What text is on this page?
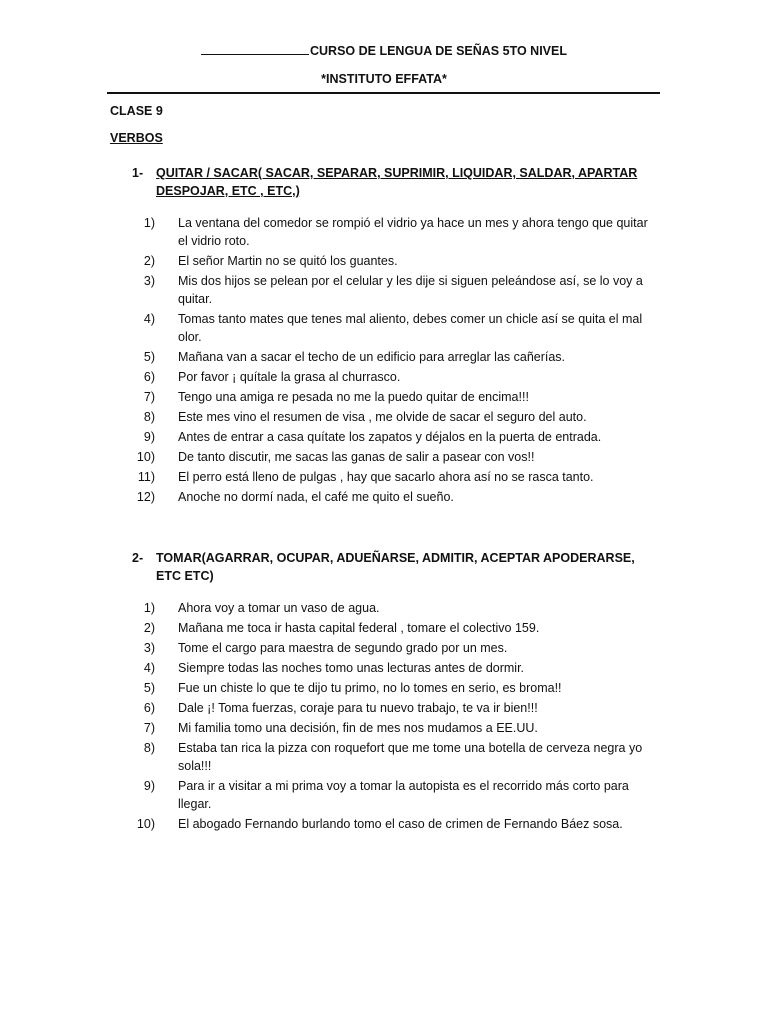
CURSO DE LENGUA DE SEÑAS 5TO NIVEL
*INSTITUTO EFFATA*
CLASE 9
VERBOS
1-	QUITAR / SACAR( SACAR, SEPARAR, SUPRIMIR, LIQUIDAR, SALDAR, APARTAR DESPOJAR, ETC , ETC,)
1)	La ventana del comedor se rompió el vidrio ya hace un mes y ahora tengo que quitar el vidrio roto.
2)	El señor Martin no se quitó los guantes.
3)	Mis dos hijos se pelean por el celular y les dije si siguen peleándose así, se lo voy a quitar.
4)	Tomas tanto mates que tenes mal aliento, debes comer un chicle así se quita el mal olor.
5)	Mañana van a sacar el techo de un edificio para arreglar las cañerías.
6)	Por favor ¡ quítale la grasa al churrasco.
7)	Tengo una amiga re pesada no me la puedo quitar de encima!!!
8)	Este mes vino el resumen de visa , me olvide de sacar el seguro del auto.
9)	Antes de entrar a casa quítate los zapatos y déjalos en la puerta de entrada.
10)	De tanto discutir, me sacas las ganas de salir a pasear con vos!!
11)	El perro está lleno de pulgas , hay que sacarlo ahora así no se rasca tanto.
12)	Anoche no dormí nada, el café me quito el sueño.
2-	TOMAR(AGARRAR, OCUPAR, ADUEÑARSE, ADMITIR, ACEPTAR APODERARSE, ETC ETC)
1)	Ahora voy a tomar un vaso de agua.
2)	Mañana me toca ir hasta capital federal , tomare el colectivo 159.
3)	Tome el cargo para maestra de segundo grado por un mes.
4)	Siempre todas las noches tomo unas lecturas antes de dormir.
5)	Fue un chiste lo que te dijo tu primo, no lo tomes en serio, es broma!!
6)	Dale ¡! Toma fuerzas, coraje para tu nuevo trabajo, te va ir bien!!!
7)	Mi familia tomo una decisión, fin de mes nos mudamos a EE.UU.
8)	Estaba tan rica la pizza con roquefort que me tome una botella de cerveza negra yo sola!!!
9)	Para ir a visitar a mi prima voy a tomar la autopista es el recorrido más corto para llegar.
10)	El abogado Fernando burlando tomo el caso de crimen de Fernando Báez sosa.
